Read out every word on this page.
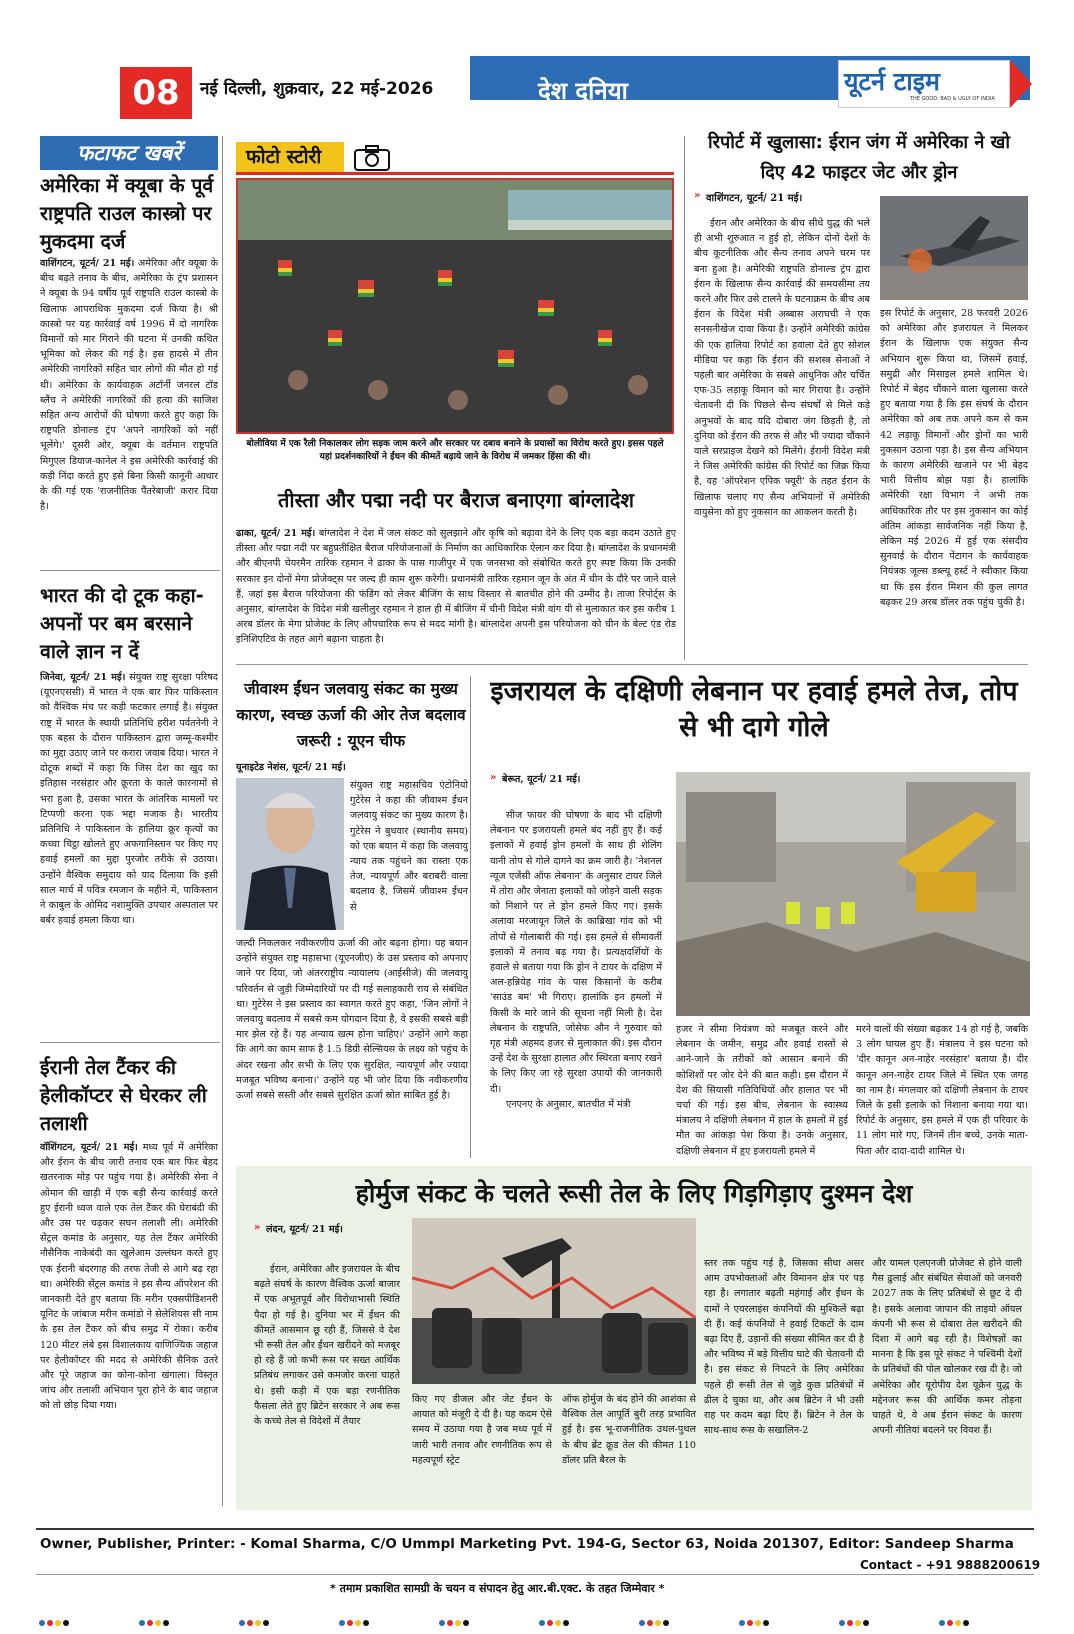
08	नई दिल्ली, शुक्रवार, 22 मई-2026	देश दुनिया	यूटर्न टाइम
THE GOOD, BAD & UGLY OF INDIA
फटाफट खबरें
अमेरिका में क्यूबा के पूर्व राष्ट्रपति राउल कास्त्रो पर मुकदमा दर्ज
वाशिंगटन, यूटर्न/ 21 मई। अमेरिका और क्यूबा के बीच बढ़ते तनाव के बीच, अमेरिका के ट्रंप प्रशासन ने क्यूबा के 94 वर्षीय पूर्व राष्ट्रपति राउल कास्त्रो के खिलाफ आपराधिक मुकदमा दर्ज किया है। श्री कास्त्रो पर यह कार्रवाई वर्ष 1996 में दो नागरिक विमानों को मार गिराने की घटना में उनकी कथित भूमिका को लेकर की गई है। इस हादसे में तीन अमेरिकी नागरिकों सहित चार लोगों की मौत हो गई थी। अमेरिका के कार्यवाहक अटॉर्नी जनरल टॉड ब्लैंच ने अमेरिकी नागरिकों की हत्या की साजिश सहित अन्य आरोपों की घोषणा करते हुए कहा कि राष्ट्रपति डोनाल्ड ट्रंप 'अपने नागरिकों को नहीं भूलेंगे।' दूसरी ओर, क्यूबा के वर्तमान राष्ट्रपति मिगुएल डियाज-कानेल ने इस अमेरिकी कार्रवाई की कड़ी निंदा करते हुए इसे बिना किसी कानूनी आधार के की गई एक 'राजनीतिक पैंतरेबाजी' करार दिया है।
भारत की दो टूक कहा- अपनों पर बम बरसाने वाले ज्ञान न दें
जिनेवा, यूटर्न/ 21 मई। संयुक्त राष्ट्र सुरक्षा परिषद (यूएनएससी) में भारत ने एक बार फिर पाकिस्तान को वैश्विक मंच पर कड़ी फटकार लगाई है। संयुक्त राष्ट्र में भारत के स्थायी प्रतिनिधि हरीश पर्वतनेनी ने एक बहस के दौरान पाकिस्तान द्वारा जम्मू-कश्मीर का मुद्दा उठाए जाने पर करारा जवाब दिया। भारत ने दोटूक शब्दों में कहा कि जिस देश का खुद का इतिहास नरसंहार और क्रूरता के काले कारनामों से भरा हुआ है, उसका भारत के आंतरिक मामलों पर टिप्पणी करना एक भद्दा मजाक है। भारतीय प्रतिनिधि ने पाकिस्तान के हालिया क्रूर कृत्यों का कच्चा चिट्ठा खोलते हुए अफगानिस्तान पर किए गए हवाई हमलों का मुद्दा पुरजोर तरीके से उठाया। उन्होंने वैश्विक समुदाय को याद दिलाया कि इसी साल मार्च में पवित्र रमजान के महीने में, पाकिस्तान ने काबुल के ओमिद नशामुक्ति उपचार अस्पताल पर बर्बर हवाई हमला किया था।
ईरानी तेल टैंकर की हेलीकॉप्टर से घेरकर ली तलाशी
वॉशिंगटन, यूटर्न/ 21 मई। मध्य पूर्व में अमेरिका और ईरान के बीच जारी तनाव एक बार फिर बेहद खतरनाक मोड़ पर पहुंच गया है। अमेरिकी सेना ने ओमान की खाड़ी में एक बड़ी सैन्य कार्रवाई करते हुए ईरानी ध्वज वाले एक तेल टैंकर की घेराबंदी की और उस पर चढ़कर सघन तलाशी ली। अमेरिकी सेंट्रल कमांड के अनुसार, यह तेल टैंकर अमेरिकी नौसैनिक नाकेबंदी का खुलेआम उल्लंघन करते हुए एक ईरानी बंदरगाह की तरफ तेजी से आगे बढ़ रहा था। अमेरिकी सेंट्रल कमांड ने इस सैन्य ऑपरेशन की जानकारी देते हुए बताया कि मरीन एक्सपीडिशनरी यूनिट के जांबाज मरीन कमांडो ने सेलेशियस सी नाम के इस तेल टैंकर को बीच समुद्र में रोका। करीब 120 मीटर लंबे इस विशालकाय वाणिज्यिक जहाज पर हेलीकॉप्टर की मदद से अमेरिकी सैनिक उतरे और पूरे जहाज का कोना-कोना खंगाला। विस्तृत जांच और तलाशी अभियान पूरा होने के बाद जहाज को तो छोड़ दिया गया।
फोटो स्टोरी
बोलीविया में एक रैली निकालकर लोग सड़क जाम करने और सरकार पर दबाव बनाने के प्रयासों का विरोध करते हुए। इसस पहले यहां प्रदर्शनकारियों ने ईंधन की कीमतें बढ़ाये जाने के विरोध में जमकर हिंसा की थी।
तीस्ता और पद्मा नदी पर बैराज बनाएगा बांग्लादेश
ढाका, यूटर्न/ 21 मई। बांग्लादेश ने देश में जल संकट को सुलझाने और कृषि को बढ़ावा देने के लिए एक बड़ा कदम उठाते हुए तीस्ता और पद्मा नदी पर बहुप्रतीक्षित बैराज परियोजनाओं के निर्माण का आधिकारिक ऐलान कर दिया है। बांग्लादेश के प्रधानमंत्री और बीएनपी चेयरमैन तारिक रहमान ने ढाका के पास गाजीपुर में एक जनसभा को संबोधित करते हुए स्पष्ट किया कि उनकी सरकार इन दोनों मेगा प्रोजेक्ट्स पर जल्द ही काम शुरू करेगी। प्रधानमंत्री तारिक रहमान जून के अंत में चीन के दौरे पर जाने वाले हैं, जहां इस बैराज परियोजना की फंडिंग को लेकर बीजिंग के साथ विस्तार से बातचीत होने की उम्मीद है। ताजा रिपोर्ट्स के अनुसार, बांग्लादेश के विदेश मंत्री खलीलुर रहमान ने हाल ही में बीजिंग में चीनी विदेश मंत्री वांग यी से मुलाकात कर इस करीब 1 अरब डॉलर के मेगा प्रोजेक्ट के लिए औपचारिक रूप से मदद मांगी है। बांग्लादेश अपनी इस परियोजना को चीन के बेल्ट एंड रोड इनिशिएटिव के तहत आगे बढ़ाना चाहता है।
रिपोर्ट में खुलासा: ईरान जंग में अमेरिका ने खो दिए 42 फाइटर जेट और ड्रोन
» वाशिंगटन, यूटर्न/ 21 मई।
ईरान और अमेरिका के बीच सीधे युद्ध की भले ही अभी शुरुआत न हुई हो, लेकिन दोनों देशों के बीच कूटनीतिक और सैन्य तनाव अपने चरम पर बना हुआ है। अमेरिकी राष्ट्रपति डोनाल्ड ट्रंप द्वारा ईरान के खिलाफ सैन्य कार्रवाई की समयसीमा तय करने और फिर उसे टालने के घटनाक्रम के बीच अब ईरान के विदेश मंत्री अब्बास अराघची ने एक सनसनीखेज दावा किया है। उन्होंने अमेरिकी कांग्रेस की एक हालिया रिपोर्ट का हवाला देते हुए सोशल मीडिया पर कहा कि ईरान की सशस्त्र सेनाओं ने पहली बार अमेरिका के सबसे आधुनिक और चर्चित एफ-35 लड़ाकू विमान को मार गिराया है। उन्होंने चेतावनी दी कि पिछले सैन्य संघर्षों से मिले कड़े अनुभवों के बाद यदि दोबारा जंग छिड़ती है, तो दुनिया को ईरान की तरफ से और भी ज्यादा चौंकाने वाले सरप्राइज देखने को मिलेंगे। ईरानी विदेश मंत्री ने जिस अमेरिकी कांग्रेस की रिपोर्ट का जिक्र किया है, वह 'ऑपरेशन एपिक फ्यूरी' के तहत ईरान के खिलाफ चलाए गए सैन्य अभियानों में अमेरिकी वायुसेना को हुए नुकसान का आकलन करती है।
इस रिपोर्ट के अनुसार, 28 फरवरी 2026 को अमेरिका और इजरायल ने मिलकर ईरान के खिलाफ एक संयुक्त सैन्य अभियान शुरू किया था, जिसमें हवाई, समुद्री और मिसाइल हमले शामिल थे। रिपोर्ट में बेहद चौंकाने वाला खुलासा करते हुए बताया गया है कि इस संघर्ष के दौरान अमेरिका को अब तक अपने कम से कम 42 लड़ाकू विमानों और ड्रोनों का भारी नुकसान उठाना पड़ा है। इस सैन्य अभियान के कारण अमेरिकी खजाने पर भी बेहद भारी वित्तीय बोझ पड़ा है। हालांकि अमेरिकी रक्षा विभाग ने अभी तक आधिकारिक तौर पर इस नुकसान का कोई अंतिम आंकड़ा सार्वजनिक नहीं किया है, लेकिन मई 2026 में हुई एक संसदीय सुनवाई के दौरान पेंटागन के कार्यवाहक नियंत्रक जूल्स डब्ल्यू हर्स्ट ने स्वीकार किया था कि इस ईरान मिशन की कुल लागत बढ़कर 29 अरब डॉलर तक पहुंच चुकी है।
जीवाश्म ईंधन जलवायु संकट का मुख्य कारण, स्वच्छ ऊर्जा की ओर तेज बदलाव जरूरी : यूएन चीफ
यूनाइटेड नेशंस, यूटर्न/ 21 मई।
संयुक्त राष्ट्र महासचिव एंटोनियो गुटेरेस ने कहा की जीवाश्म ईंधन जलवायु संकट का मुख्य कारण है। गुटेरेस ने बुधवार (स्थानीय समय) को एक बयान में कहा कि जलवायु न्याय तक पहुंचने का रास्ता एक तेज, न्यायपूर्ण और बराबरी वाला बदलाव है, जिसमें जीवाश्म ईंधन से
जल्दी निकलकर नवीकरणीय ऊर्जा की ओर बढ़ना होगा। यह बयान उन्होंने संयुक्त राष्ट्र महासभा (यूएनजीए) के उस प्रस्ताव को अपनाए जाने पर दिया, जो अंतरराष्ट्रीय न्यायालय (आईसीजे) की जलवायु परिवर्तन से जुड़ी जिम्मेदारियों पर दी गई सलाहकारी राय से संबंधित था। गुटेरेस ने इस प्रस्ताव का स्वागत करते हुए कहा, 'जिन लोगों ने जलवायु बदलाव में सबसे कम योगदान दिया है, वे इसकी सबसे बड़ी मार झेल रहे हैं। यह अन्याय खत्म होना चाहिए।' उन्होंने आगे कहा कि आगे का काम साफ है 1.5 डिग्री सेल्सियस के लक्ष्य को पहुंच के अंदर रखना और सभी के लिए एक सुरक्षित, न्यायपूर्ण और ज्यादा मजबूत भविष्य बनाना।' उन्होंने यह भी जोर दिया कि नवीकरणीय ऊर्जा सबसे सस्ती और सबसे सुरक्षित ऊर्जा स्रोत साबित हुई है।
इजरायल के दक्षिणी लेबनान पर हवाई हमले तेज, तोप से भी दागे गोले
» बेरूत, यूटर्न/ 21 मई।
सीज फायर की घोषणा के बाद भी दक्षिणी लेबनान पर इजरायली हमले बंद नहीं हुए हैं। कई इलाकों में हवाई ड्रोन हमलों के साथ ही शेलिंग यानी तोप से गोले दागने का क्रम जारी है। 'नेशनल न्यूज एजेंसी ऑफ लेबनान' के अनुसार टायर जिले में तोरा और जेनाता इलाकों को जोड़ने वाली सड़क को निशाने पर ले ड्रोन हमले किए गए। इसके अलावा मरजायून जिले के काब्रिखा गांव को भी तोपों से गोलाबारी की गई। इस हमले से सीमावर्ती इलाकों में तनाव बढ़ गया है। प्रत्यक्षदर्शियों के हवाले से बताया गया कि ड्रोन ने टायर के दक्षिण में अल-हन्नियेह गांव के पास किसानों के करीब 'साउंड बम' भी गिराए। हालांकि इन हमलों में किसी के मारे जाने की सूचना नहीं मिली है। देश लेबनान के राष्ट्रपति, जोसेफ औन ने गुरुवार को गृह मंत्री अहमद हजर से मुलाकात की। इस दौरान उन्हें देश के सुरक्षा हालात और स्थिरता बनाए रखने के लिए किए जा रहे सुरक्षा उपायों की जानकारी दी।
एनएनए के अनुसार, बातचीत में मंत्री
हजर ने सीमा नियंत्रण को मजबूत करने और लेबनान के जमीन, समुद्र और हवाई रास्तों से आने-जाने के तरीकों को आसान बनाने की कोशिशों पर जोर देने की बात कही। इस दौरान में देश की सियासी गतिविधियों और हालात पर भी चर्चा की गई। इस बीच, लेबनान के स्वास्थ्य मंत्रालय ने दक्षिणी लेबनान में हाल के हमलों में हुई मौत का आंकड़ा पेश किया है। उनके अनुसार, दक्षिणी लेबनान में हुए इजरायली हमले में
मरने वालों की संख्या बढ़कर 14 हो गई है, जबकि 3 लोग घायल हुए हैं। मंत्रालय ने इस घटना को 'दीर कानून अन-नाहेर नरसंहार' बताया है। दीर कानून अन-नाहेर टायर जिले में स्थित एक जगह का नाम है। मंगलवार को दक्षिणी लेबनान के टायर जिले के इसी इलाके को निशाना बनाया गया था। रिपोर्ट के अनुसार, इस हमले में एक ही परिवार के 11 लोग मारे गए, जिनमें तीन बच्चे, उनके माता-पिता और दादा-दादी शामिल थे।
होर्मुज संकट के चलते रूसी तेल के लिए गिड़गिड़ाए दुश्मन देश
» लंदन, यूटर्न/ 21 मई।
ईरान, अमेरिका और इजरायल के बीच बढ़ते संघर्ष के कारण वैश्विक ऊर्जा बाजार में एक अभूतपूर्व और विरोधाभासी स्थिति पैदा हो गई है। दुनिया भर में ईंधन की कीमतें आसमान छू रही हैं, जिससे वे देश भी रूसी तेल और ईंधन खरीदने को मजबूर हो रहे हैं जो कभी रूस पर सख्त आर्थिक प्रतिबंध लगाकर उसे कमजोर करना चाहते थे। इसी कड़ी में एक बड़ा रणनीतिक फैसला लेते हुए ब्रिटेन सरकार ने अब रूस के कच्चे तेल से विदेशों में तैयार
किए गए डीजल और जेट ईंधन के आयात को मंजूरी दे दी है। यह कदम ऐसे समय में उठाया गया है जब मध्य पूर्व में जारी भारी तनाव और रणनीतिक रूप से महत्वपूर्ण स्ट्रेट
ऑफ होर्मुज के बंद होने की आशंका से वैश्विक तेल आपूर्ति बुरी तरह प्रभावित हुई है। इस भू-राजनीतिक उथल-पुथल के बीच ब्रेंट क्रूड तेल की कीमत 110 डॉलर प्रति बैरल के
स्तर तक पहुंच गई है, जिसका सीधा असर आम उपभोक्ताओं और विमानन क्षेत्र पर पड़ रहा है। लगातार बढ़ती महंगाई और ईंधन के दामों ने एयरलाइंस कंपनियों की मुश्किलें बढ़ा दी हैं। कई कंपनियों ने हवाई टिकटों के दाम बढ़ा दिए हैं, उड़ानों की संख्या सीमित कर दी है और भविष्य में बड़े वित्तीय घाटे की चेतावनी दी है। इस संकट से निपटने के लिए अमेरिका पहले ही रूसी तेल से जुड़े कुछ प्रतिबंधों में ढील दे चुका था, और अब ब्रिटेन ने भी उसी राह पर कदम बढ़ा दिए हैं। ब्रिटेन ने तेल के साथ-साथ रूस के सखालिन-2
और यामल एलएनजी प्रोजेक्ट से होने वाली गैस ढुलाई और संबंधित सेवाओं को जनवरी 2027 तक के लिए प्रतिबंधों से छूट दे दी है। इसके अलावा जापान की ताइयो ऑयल कंपनी भी रूस से दोबारा तेल खरीदने की दिशा में आगे बढ़ रही है। विशेषज्ञों का मानना है कि इस पूरे संकट ने पश्चिमी देशों के प्रतिबंधों की पोल खोलकर रख दी है। जो अमेरिका और यूरोपीय देश यूक्रेन युद्ध के मद्देनजर रूस की आर्थिक कमर तोड़ना चाहते थे, वे अब ईरान संकट के कारण अपनी नीतियां बदलने पर विवश हैं।
Owner, Publisher, Printer: - Komal Sharma, C/O Ummpl Marketing Pvt. 194-G, Sector 63, Noida 201307, Editor: Sandeep Sharma
Contact - +91 9888200619
* तमाम प्रकाशित सामग्री के चयन व संपादन हेतु आर.बी.एक्ट. के तहत जिम्मेवार *
